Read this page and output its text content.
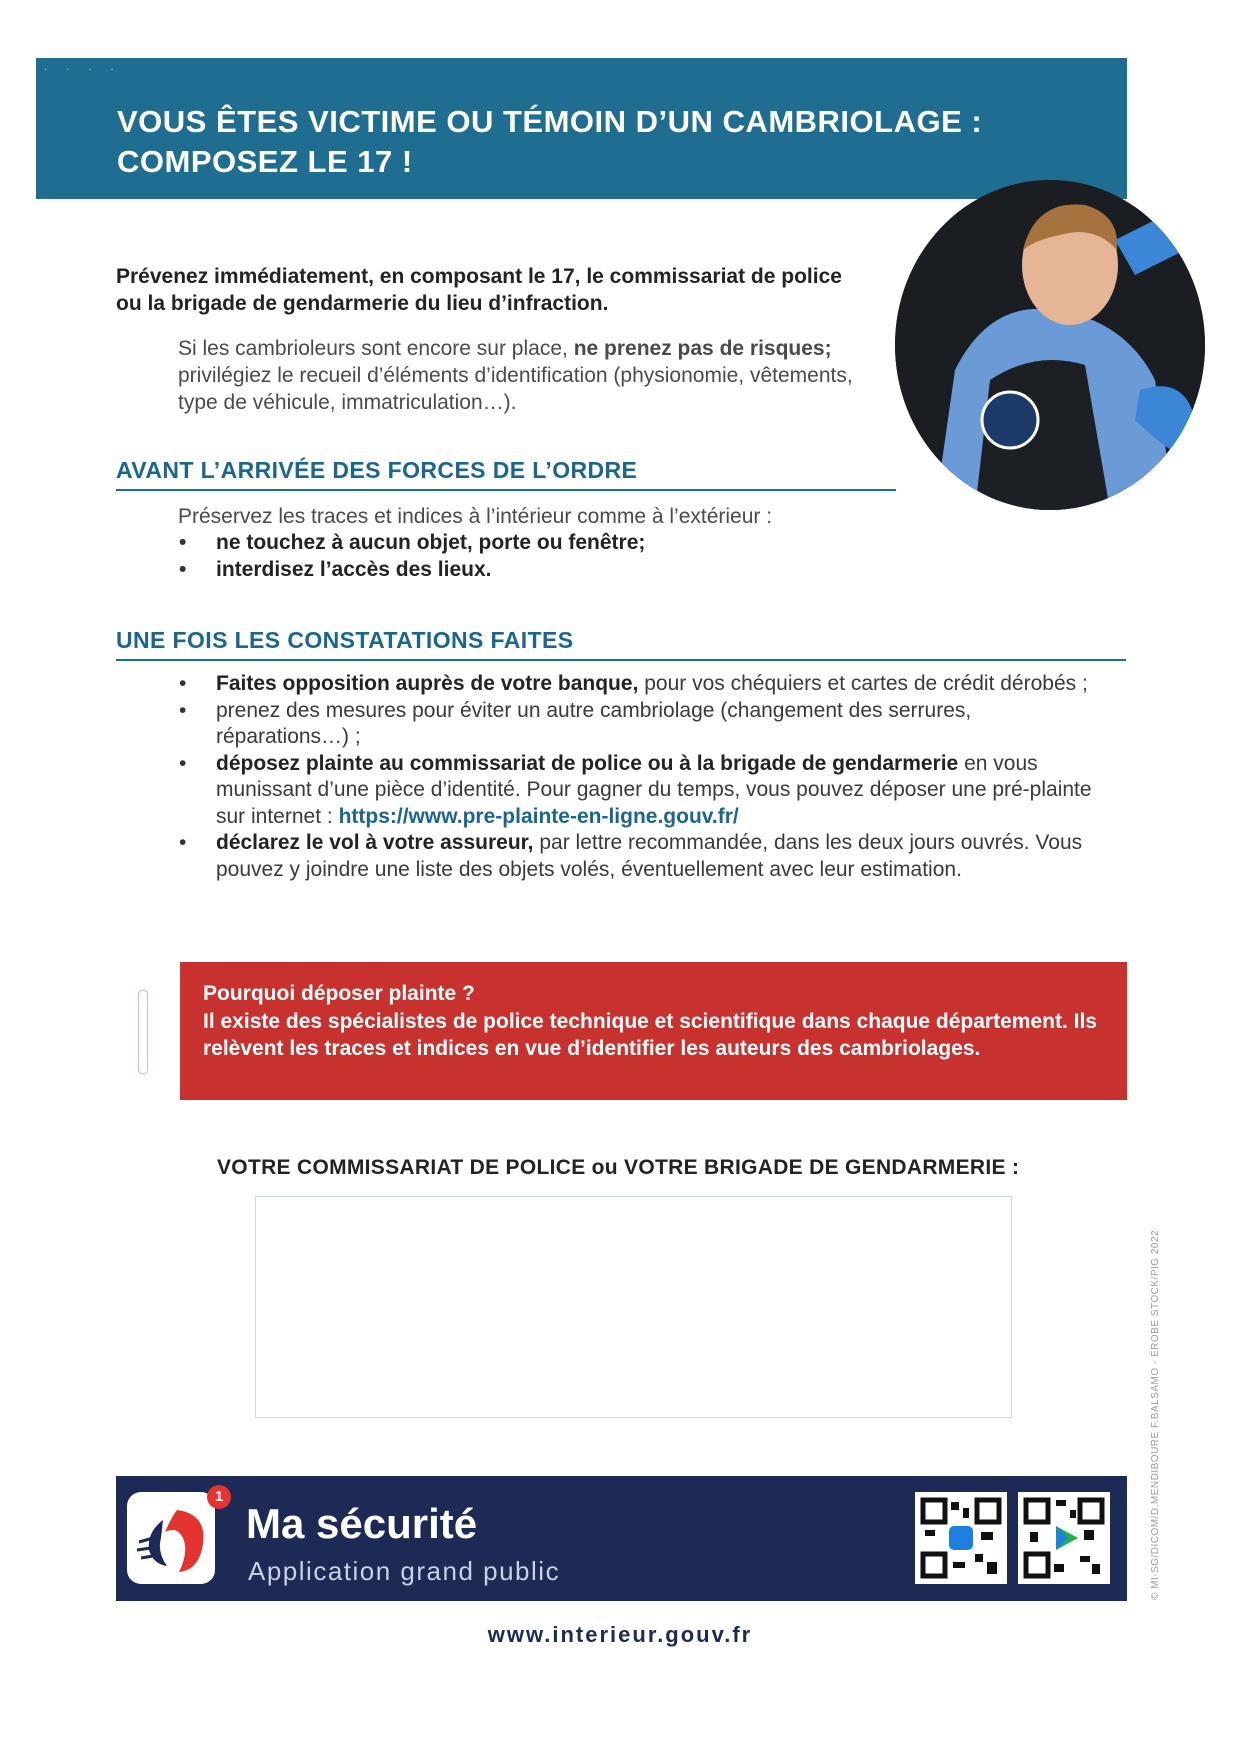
· · · ·
VOUS ÊTES VICTIME OU TÉMOIN D’UN CAMBRIOLAGE :
COMPOSEZ LE 17 !

Prévenez immédiatement, en composant le 17, le commissariat de police ou la brigade de gendarmerie du lieu d’infraction.

Si les cambrioleurs sont encore sur place, ne prenez pas de risques; privilégiez le recueil d’éléments d’identification (physionomie, vêtements, type de véhicule, immatriculation…).

AVANT L’ARRIVÉE DES FORCES DE L’ORDRE

Préservez les traces et indices à l’intérieur comme à l’extérieur :

• ne touchez à aucun objet, porte ou fenêtre;
• interdisez l’accès des lieux.
UNE FOIS LES CONSTATATIONS FAITES
• Faites opposition auprès de votre banque, pour vos chéquiers et cartes de crédit dérobés ;
• prenez des mesures pour éviter un autre cambriolage (changement des serrures, réparations…) ;
• déposez plainte au commissariat de police ou à la brigade de gendarmerie en vous munissant d’une pièce d’identité. Pour gagner du temps, vous pouvez déposer une pré-plainte sur internet : https://www.pre-plainte-en-ligne.gouv.fr/
• déclarez le vol à votre assureur, par lettre recommandée, dans les deux jours ouvrés. Vous pouvez y joindre une liste des objets volés, éventuellement avec leur estimation.

Pourquoi déposer plainte ?

Il existe des spécialistes de police technique et scientifique dans chaque département. Ils relèvent les traces et indices en vue d’identifier les auteurs des cambriolages.

VOTRE COMMISSARIAT DE POLICE ou VOTRE BRIGADE DE GENDARMERIE :

© MI-SG/DICOM/D.MENDIBOURE F.BALSAMO - ÉROBE STOCK/PIG 2022
1
Ma sécurité

Application grand public

www.interieur.gouv.fr
